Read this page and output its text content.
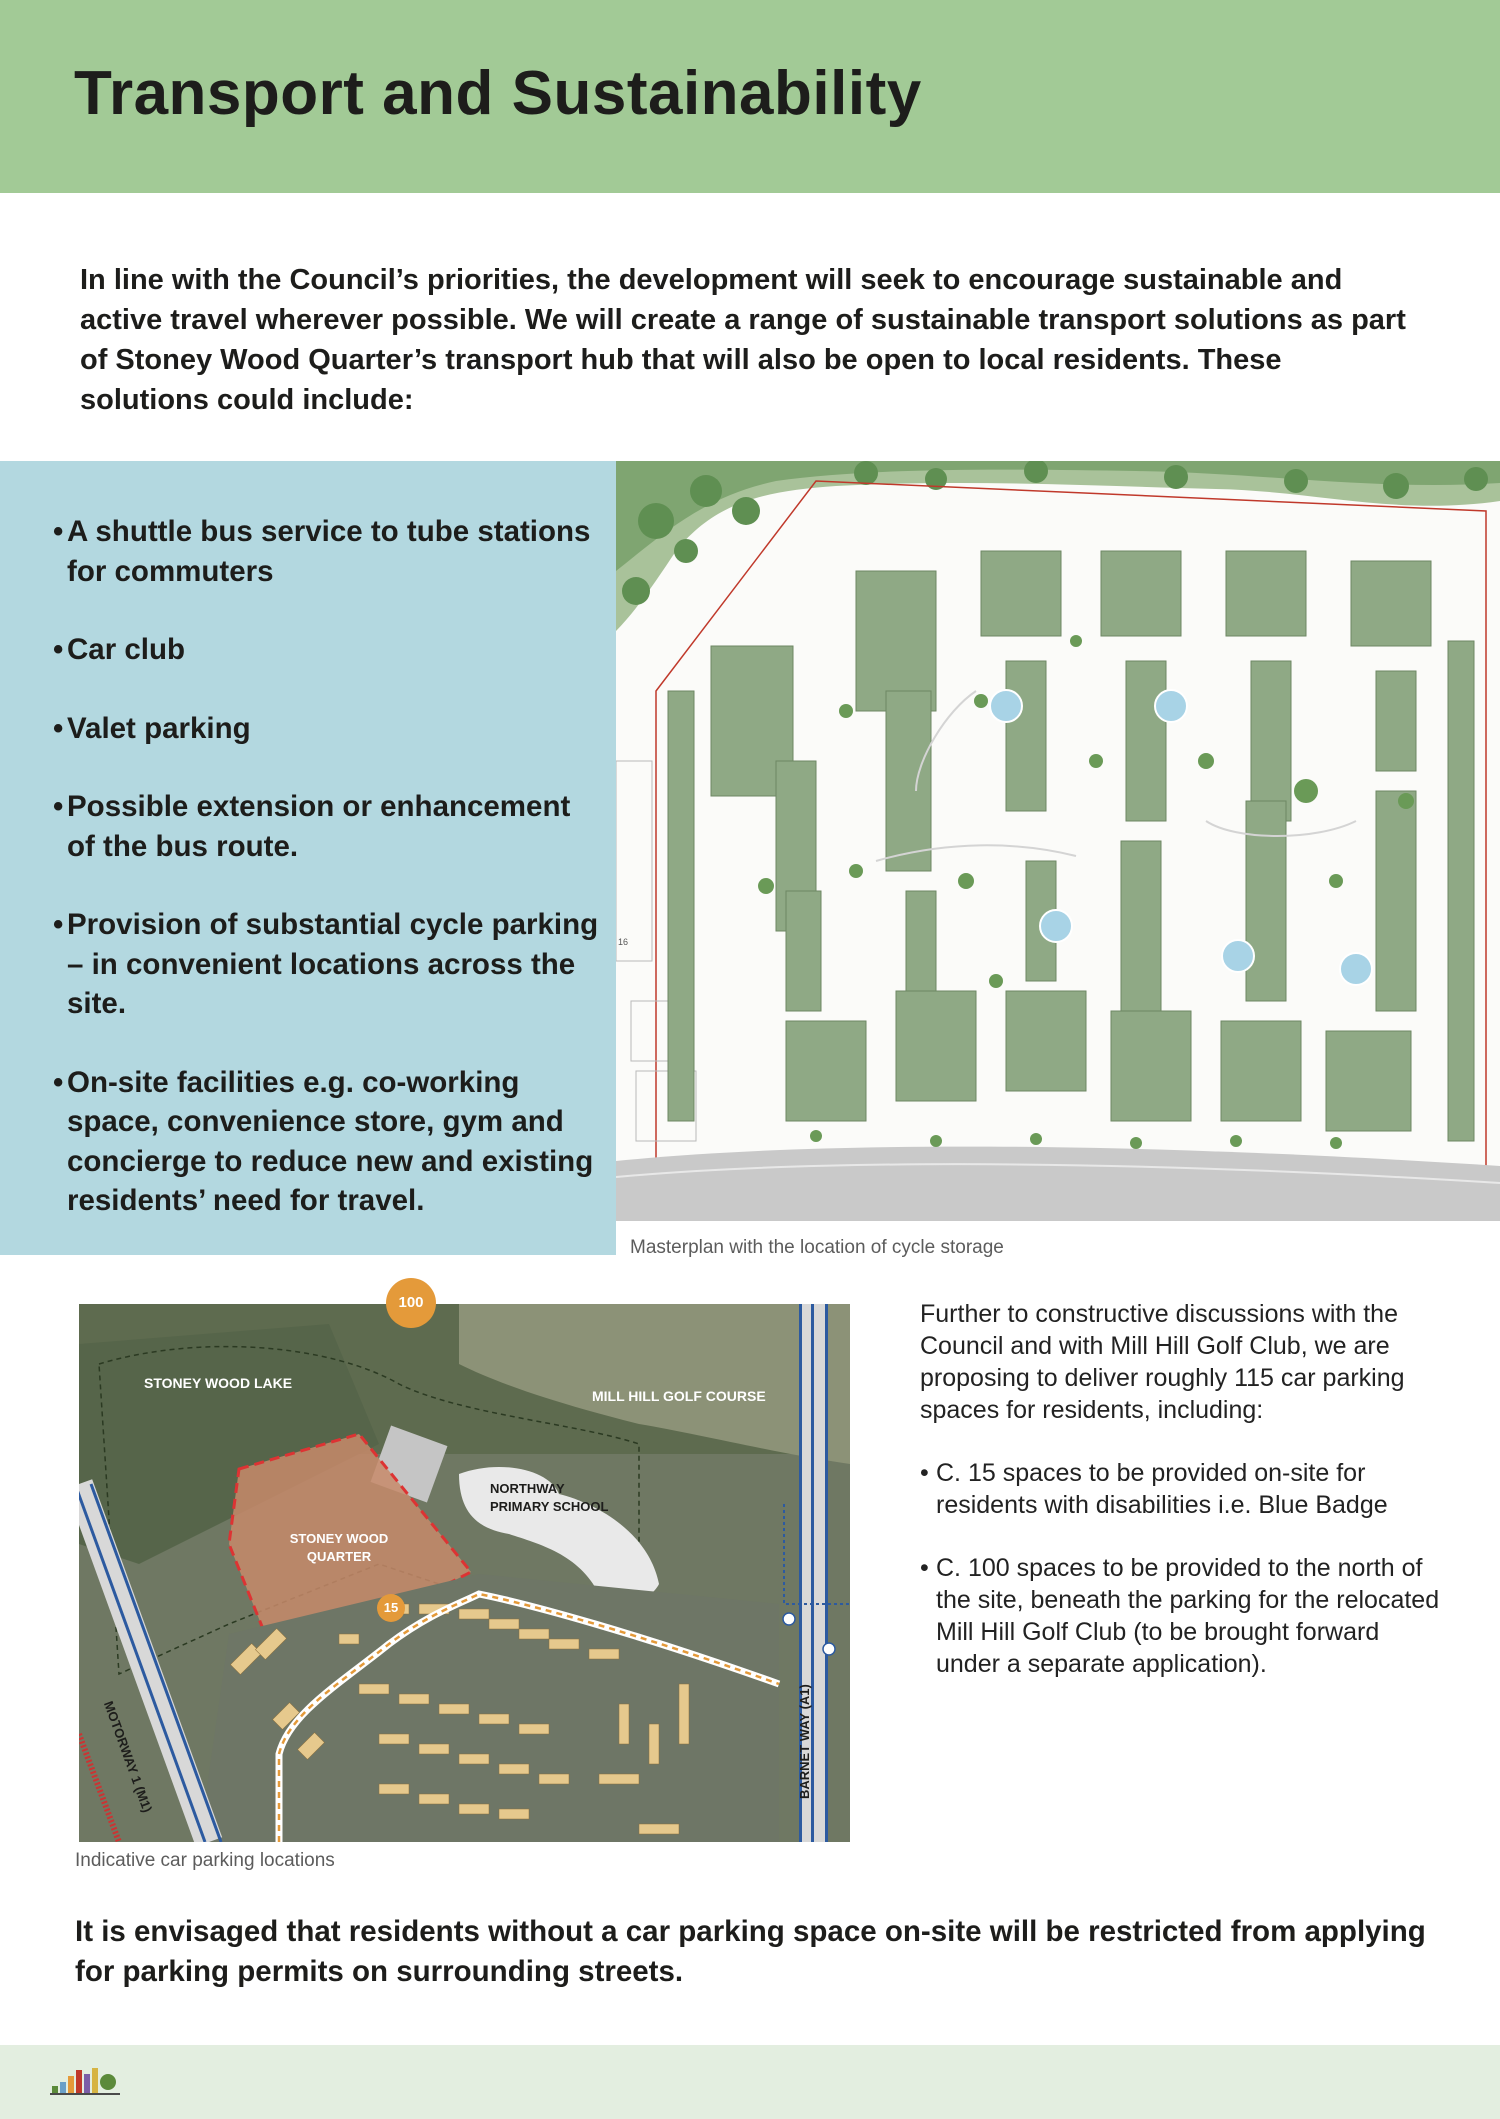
Transport and Sustainability

In line with the Council’s priorities, the development will seek to encourage sustainable and active travel wherever possible. We will create a range of sustainable transport solutions as part of Stoney Wood Quarter’s transport hub that will also be open to local residents. These solutions could include:

• A shuttle bus service to tube stations for commuters
• Car club
• Valet parking
• Possible extension or enhancement of the bus route.
• Provision of substantial cycle parking – in convenient locations across the site.
• On-site facilities e.g. co-working space, convenience store, gym and concierge to reduce new and existing residents’ need for travel.
16
Masterplan with the location of cycle storage
STONEY WOOD LAKE
MILL HILL GOLF COURSE
NORTHWAY
PRIMARY SCHOOL
STONEY WOOD
QUARTER
MOTORWAY 1 (M1)	BARNET WAY (A1)
15
100
Indicative car parking locations

Further to constructive discussions with the Council and with Mill Hill Golf Club, we are proposing to deliver roughly 115 car parking spaces for residents, including:

• C. 15 spaces to be provided on-site for residents with disabilities i.e. Blue Badge
• C. 100 spaces to be provided to the north of the site, beneath the parking for the relocated Mill Hill Golf Club (to be brought forward under a separate application).

It is envisaged that residents without a car parking space on-site will be restricted from applying for parking permits on surrounding streets.
